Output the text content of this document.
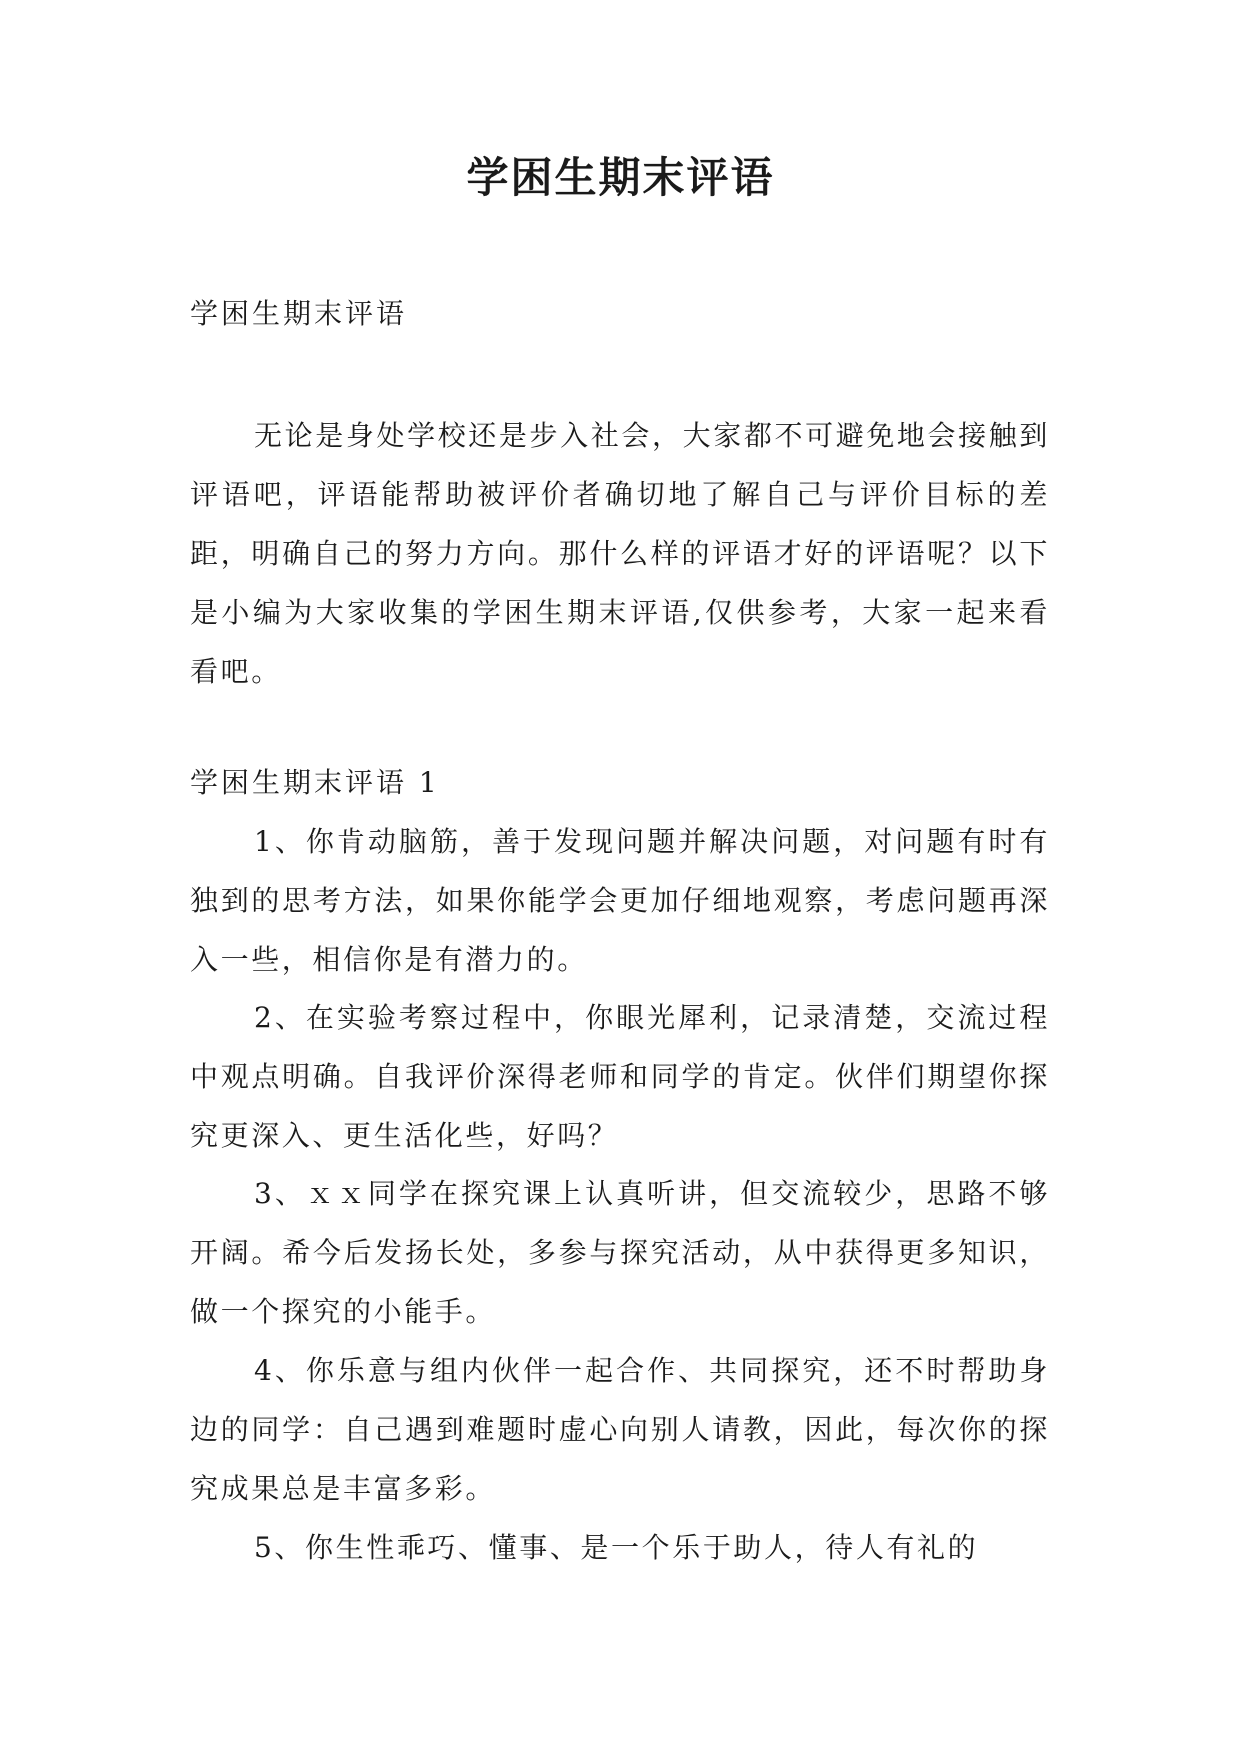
学困生期末评语

学困生期末评语

无论是身处学校还是步入社会，大家都不可避免地会接触到评语吧，评语能帮助被评价者确切地了解自己与评价目标的差距，明确自己的努力方向。那什么样的评语才好的评语呢？以下是小编为大家收集的学困生期末评语,仅供参考，大家一起来看看吧。

学困生期末评语 1

1、你肯动脑筋，善于发现问题并解决问题，对问题有时有独到的思考方法，如果你能学会更加仔细地观察，考虑问题再深入一些，相信你是有潜力的。

2、在实验考察过程中，你眼光犀利，记录清楚，交流过程中观点明确。自我评价深得老师和同学的肯定。伙伴们期望你探究更深入、更生活化些，好吗？

3、ｘｘ同学在探究课上认真听讲，但交流较少，思路不够开阔。希今后发扬长处，多参与探究活动，从中获得更多知识，做一个探究的小能手。

4、你乐意与组内伙伴一起合作、共同探究，还不时帮助身边的同学：自己遇到难题时虚心向别人请教，因此，每次你的探究成果总是丰富多彩。

5、你生性乖巧、懂事、是一个乐于助人，待人有礼的
